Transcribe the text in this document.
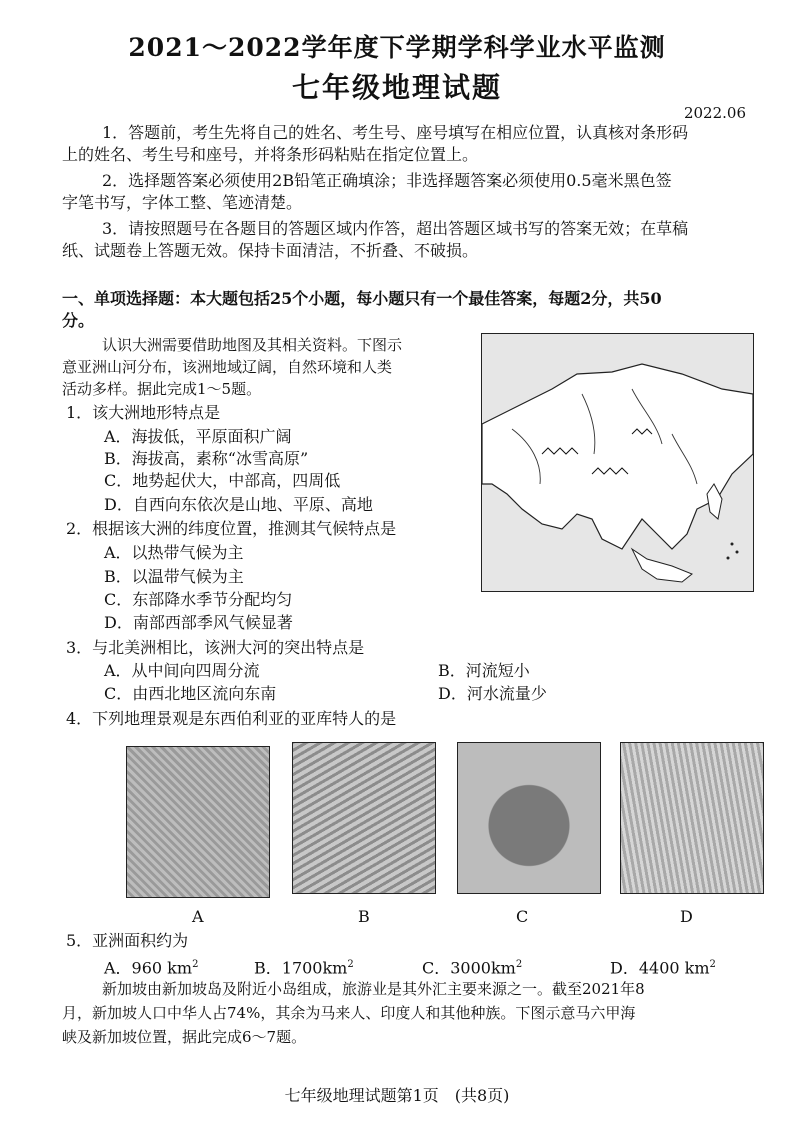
2021～2022学年度下学期学科学业水平监测
七年级地理试题
2022.06
1．答题前，考生先将自己的姓名、考生号、座号填写在相应位置，认真核对条形码
上的姓名、考生号和座号，并将条形码粘贴在指定位置上。
2．选择题答案必须使用2B铅笔正确填涂；非选择题答案必须使用0.5毫米黑色签
字笔书写，字体工整、笔迹清楚。
3．请按照题号在各题目的答题区域内作答，超出答题区域书写的答案无效；在草稿
纸、试题卷上答题无效。保持卡面清洁，不折叠、不破损。
一、单项选择题：本大题包括25个小题，每小题只有一个最佳答案，每题2分，共50
分。
认识大洲需要借助地图及其相关资料。下图示
意亚洲山河分布，该洲地域辽阔，自然环境和人类
活动多样。据此完成1～5题。
1．该大洲地形特点是
A．海拔低，平原面积广阔
B．海拔高，素称“冰雪高原”
C．地势起伏大，中部高，四周低
D．自西向东依次是山地、平原、高地
2．根据该大洲的纬度位置，推测其气候特点是
A．以热带气候为主
B．以温带气候为主
C．东部降水季节分配均匀
D．南部西部季风气候显著
3．与北美洲相比，该洲大河的突出特点是
A．从中间向四周分流	B．河流短小
C．由西北地区流向东南	D．河水流量少
4．下列地理景观是东西伯利亚的亚库特人的是
A	B	C	D
5．亚洲面积约为
A．960 $km^2$	B．$1700km^2$	C．$3000km^2$	D．4400 $km^2$
新加坡由新加坡岛及附近小岛组成，旅游业是其外汇主要来源之一。截至2021年8
月，新加坡人口中华人占74%，其余为马来人、印度人和其他种族。下图示意马六甲海
峡及新加坡位置，据此完成6～7题。
七年级地理试题第1页　(共8页)
